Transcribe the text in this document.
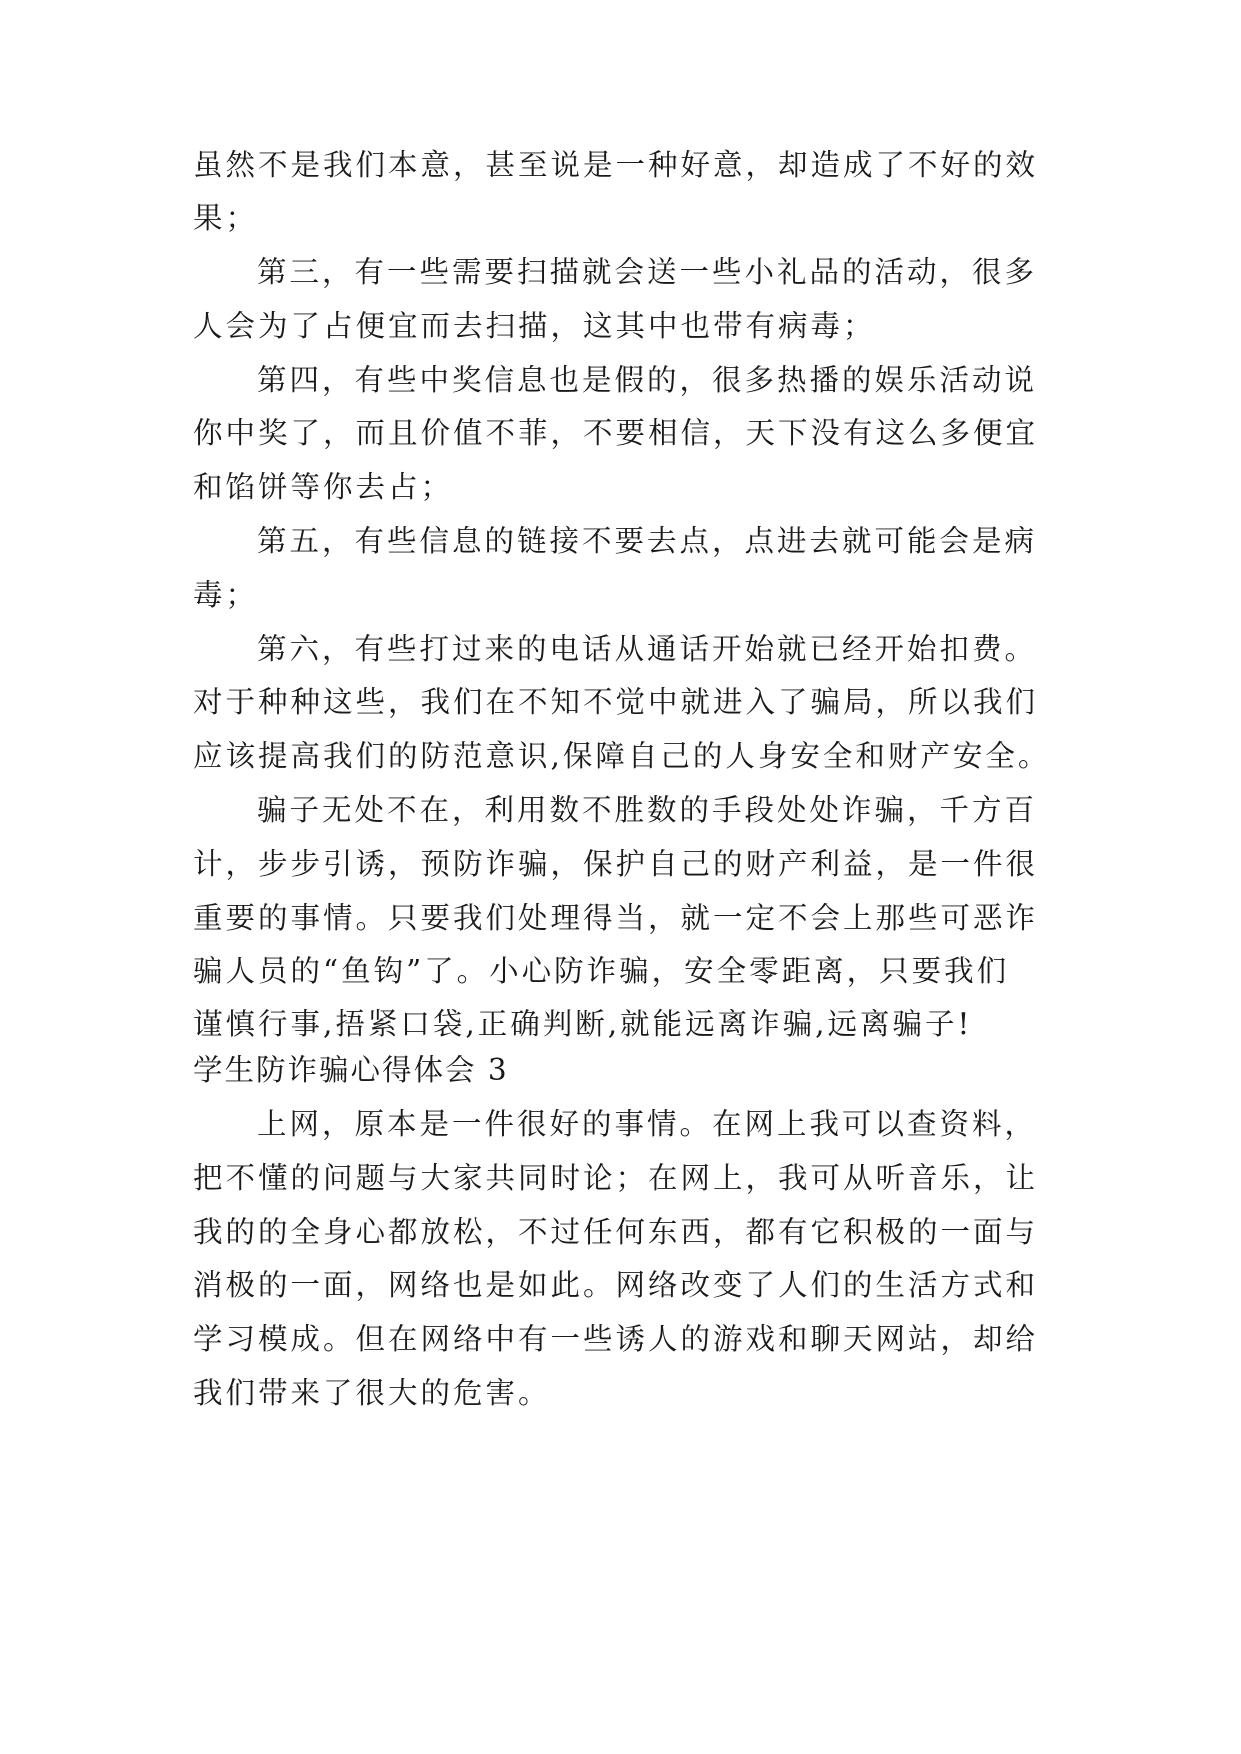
虽然不是我们本意，甚至说是一种好意，却造成了不好的效

果；

第三，有一些需要扫描就会送一些小礼品的活动，很多

人会为了占便宜而去扫描，这其中也带有病毒；

第四，有些中奖信息也是假的，很多热播的娱乐活动说

你中奖了，而且价值不菲，不要相信，天下没有这么多便宜

和馅饼等你去占；

第五，有些信息的链接不要去点，点进去就可能会是病

毒；

第六，有些打过来的电话从通话开始就已经开始扣费。

对于种种这些，我们在不知不觉中就进入了骗局，所以我们

应该提高我们的防范意识,保障自己的人身安全和财产安全。

骗子无处不在，利用数不胜数的手段处处诈骗，千方百

计，步步引诱，预防诈骗，保护自己的财产利益，是一件很

重要的事情。只要我们处理得当，就一定不会上那些可恶诈

骗人员的“鱼钩”了。小心防诈骗，安全零距离，只要我们

谨慎行事,捂紧口袋,正确判断,就能远离诈骗,远离骗子!

学生防诈骗心得体会 3

上网，原本是一件很好的事情。在网上我可以查资料，

把不懂的问题与大家共同时论；在网上，我可从听音乐，让

我的的全身心都放松，不过任何东西，都有它积极的一面与

消极的一面，网络也是如此。网络改变了人们的生活方式和

学习模成。但在网络中有一些诱人的游戏和聊天网站，却给

我们带来了很大的危害。
